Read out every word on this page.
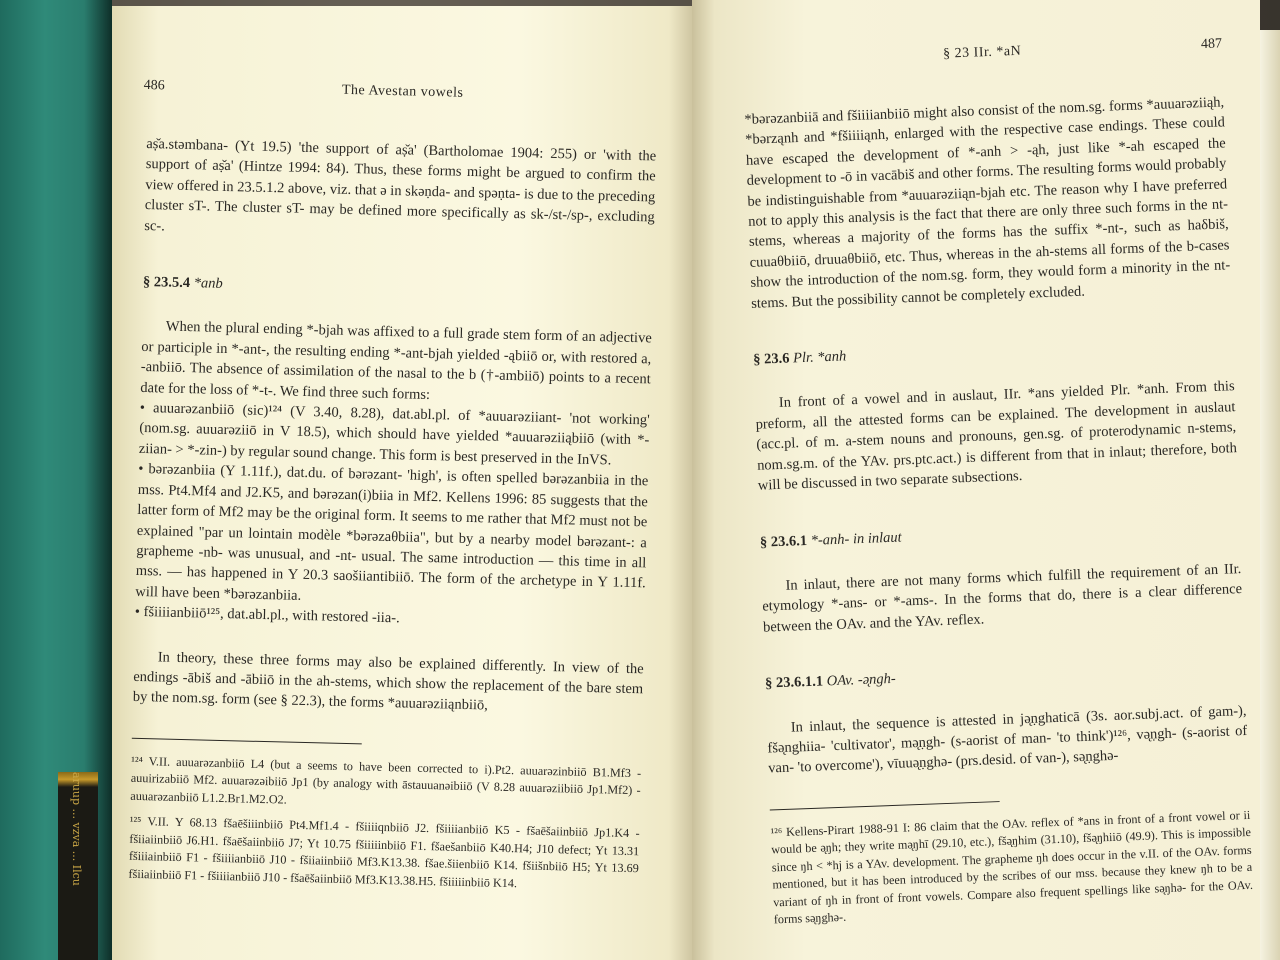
aruup ... vzva ... Ilcu
486	The Avestan vowels

aṣ̌a.stəmbana- (Yt 19.5) 'the support of aṣ̌a' (Bartholomae 1904: 255) or 'with the support of aṣ̌a' (Hintze 1994: 84). Thus, these forms might be argued to confirm the view offered in 23.5.1.2 above, viz. that ə in skəṇda- and spəṇta- is due to the preceding cluster sT-. The cluster sT- may be defined more specifically as sk-/st-/sp-, excluding sc-.

§ 23.5.4 *anb

When the plural ending *-bjah was affixed to a full grade stem form of an adjective or participle in *-ant-, the resulting ending *-ant-bjah yielded -ąbiiō or, with restored a, -anbiiō. The absence of assimilation of the nasal to the b (†-ambiiō) points to a recent date for the loss of *-t-. We find three such forms:

• auuarəzanbiiō (sic)¹²⁴ (V 3.40, 8.28), dat.abl.pl. of *auuarəziiant- 'not working' (nom.sg. auuarəziiō in V 18.5), which should have yielded *auuarəziiąbiiō (with *-ziian- > *-zin-) by regular sound change. This form is best preserved in the InVS.

• bərəzanbiia (Y 1.11f.), dat.du. of bərəzant- 'high', is often spelled bərəzanbiia in the mss. Pt4.Mf4 and J2.K5, and bərəzan(i)biia in Mf2. Kellens 1996: 85 suggests that the latter form of Mf2 may be the original form. It seems to me rather that Mf2 must not be explained "par un lointain modèle *bərəzaθbiia", but by a nearby model bərəzant-: a grapheme -nb- was unusual, and -nt- usual. The same introduction — this time in all mss. — has happened in Y 20.3 saošiiantibiiō. The form of the archetype in Y 1.11f. will have been *bərəzanbiia.

• fšiiiianbiiō¹²⁵, dat.abl.pl., with restored -iia-.

In theory, these three forms may also be explained differently. In view of the endings -ābiš and -ābiiō in the ah-stems, which show the replacement of the bare stem by the nom.sg. form (see § 22.3), the forms *auuarəziiąnbiiō,

¹²⁴ V.II. auuarəzanbiiō L4 (but a seems to have been corrected to i).Pt2. auuarəzinbiiō B1.Mf3 - auuirizabiiō Mf2. auuarəzəibiiō Jp1 (by analogy with āstauuanəibiiō (V 8.28 auuarəziibiiō Jp1.Mf2) - auuarəzanbiiō L1.2.Br1.M2.O2.

¹²⁵ V.II. Y 68.13 fšaēšiiinbiiō Pt4.Mf1.4 - fšiiiiqnbiiō J2. fšiiiianbiiō K5 - fšaēšaiinbiiō Jp1.K4 - fšiiaiinbiiō J6.H1. fšaēšaiinbiiō J7; Yt 10.75 fšiiiiinbiiō F1. fšaešanbiiō K40.H4; J10 defect; Yt 13.31 fšiiiainbiiō F1 - fšiiiianbiiō J10 - fšiiaiinbiiō Mf3.K13.38. fšae.šiienbiiō K14. fšiišnbiiō H5; Yt 13.69 fšiiaiinbiiō F1 - fšiiiianbiiō J10 - fšaēšaiinbiiō Mf3.K13.38.H5. fšiiiiinbiiō K14.

§ 23 IIr. *aN	487

*bərəzanbiiā and fšiiiianbiiō might also consist of the nom.sg. forms *auuarəziiąh, *bərząnh and *fšiiiiąnh, enlarged with the respective case endings. These could have escaped the development of *-anh > -ąh, just like *-ah escaped the development to -ō in vacābiš and other forms. The resulting forms would probably be indistinguishable from *auuarəziiąn-bjah etc. The reason why I have preferred not to apply this analysis is the fact that there are only three such forms in the nt-stems, whereas a majority of the forms has the suffix *-nt-, such as haδbiš, cuuaθbiiō, druuaθbiiō, etc. Thus, whereas in the ah-stems all forms of the b-cases show the introduction of the nom.sg. form, they would form a minority in the nt-stems. But the possibility cannot be completely excluded.

§ 23.6 Plr. *anh

In front of a vowel and in auslaut, IIr. *ans yielded Plr. *anh. From this preform, all the attested forms can be explained. The development in auslaut (acc.pl. of m. a-stem nouns and pronouns, gen.sg. of proterodynamic n-stems, nom.sg.m. of the YAv. prs.ptc.act.) is different from that in inlaut; therefore, both will be discussed in two separate subsections.

§ 23.6.1 *-anh- in inlaut

In inlaut, there are not many forms which fulfill the requirement of an IIr. etymology *-ans- or *-ams-. In the forms that do, there is a clear difference between the OAv. and the YAv. reflex.

§ 23.6.1.1 OAv. -ə̨ngh-

In inlaut, the sequence is attested in jə̨ṇghaticā (3s. aor.subj.act. of gam-), fšə̨nghiia- 'cultivator', mə̨ṇgh- (s-aorist of man- 'to think')¹²⁶, və̨ṇgh- (s-aorist of van- 'to overcome'), vīuuə̨ṇghə- (prs.desid. of van-), sə̨ṇghə-

¹²⁶ Kellens-Pirart 1988-91 I: 86 claim that the OAv. reflex of *ans in front of a front vowel or ii would be ə̨ŋh; they write mə̨ŋhī (29.10, etc.), fšə̨ŋhim (31.10), fšə̨ŋhiiō (49.9). This is impossible since ŋh < *hj is a YAv. development. The grapheme ŋh does occur in the v.II. of the OAv. forms mentioned, but it has been introduced by the scribes of our mss. because they knew ŋh to be a variant of ŋh in front of front vowels. Compare also frequent spellings like sə̨ŋhə- for the OAv. forms sə̨ŋghə-.
